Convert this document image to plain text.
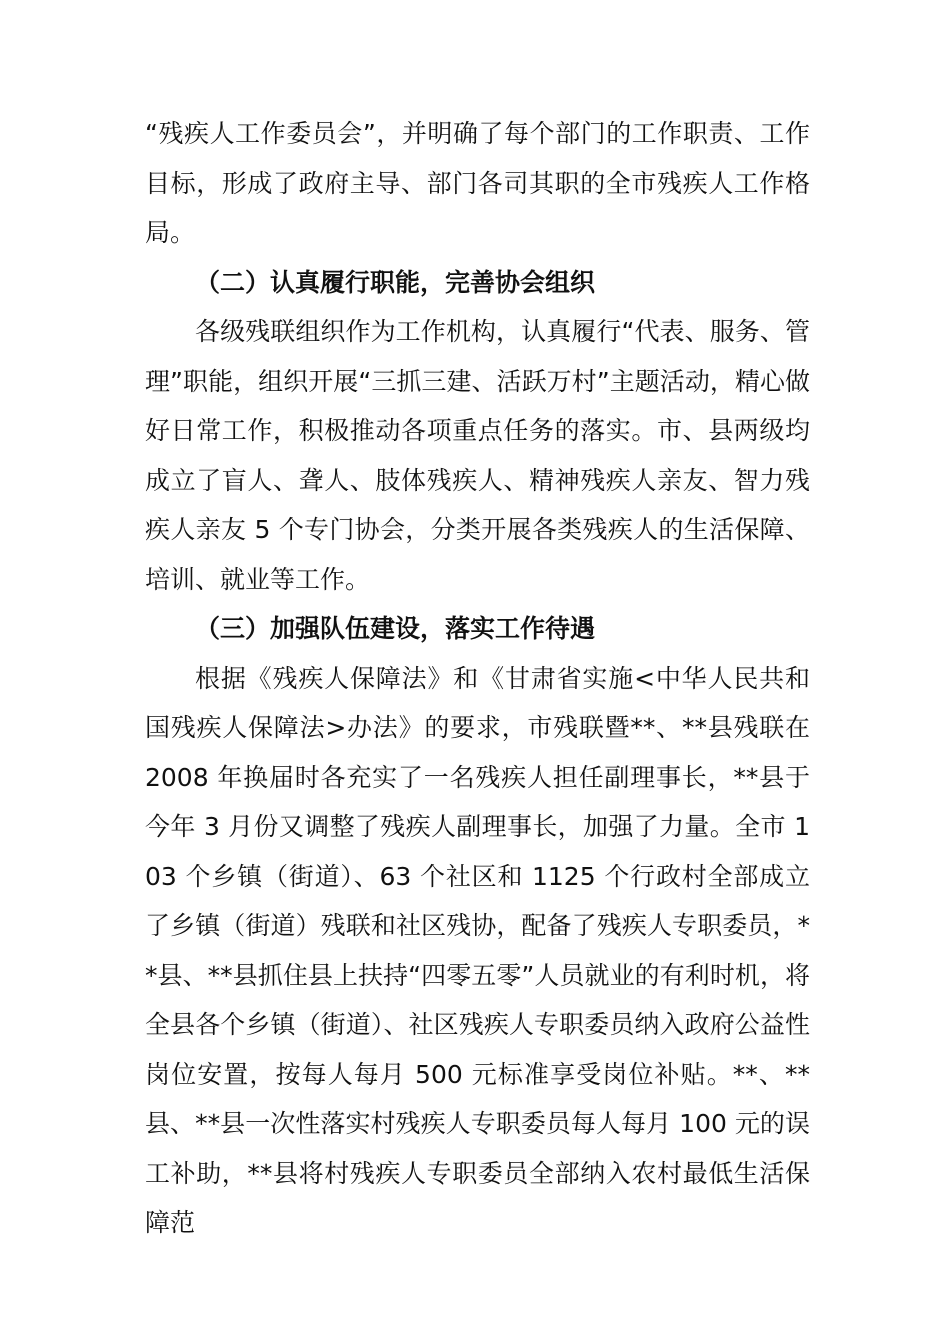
“残疾人工作委员会”，并明确了每个部门的工作职责、工作目标，形成了政府主导、部门各司其职的全市残疾人工作格局。

（二）认真履行职能，完善协会组织

各级残联组织作为工作机构，认真履行“代表、服务、管理”职能，组织开展“三抓三建、活跃万村”主题活动，精心做好日常工作，积极推动各项重点任务的落实。市、县两级均成立了盲人、聋人、肢体残疾人、精神残疾人亲友、智力残疾人亲友 5 个专门协会，分类开展各类残疾人的生活保障、培训、就业等工作。

（三）加强队伍建设，落实工作待遇

根据《残疾人保障法》和《甘肃省实施<中华人民共和国残疾人保障法>办法》的要求，市残联暨**、**县残联在 2008 年换届时各充实了一名残疾人担任副理事长，**县于今年 3 月份又调整了残疾人副理事长，加强了力量。全市 103 个乡镇（街道）、63 个社区和 1125 个行政村全部成立了乡镇（街道）残联和社区残协，配备了残疾人专职委员，**县、**县抓住县上扶持“四零五零”人员就业的有利时机，将全县各个乡镇（街道）、社区残疾人专职委员纳入政府公益性岗位安置，按每人每月 500 元标准享受岗位补贴。**、**县、**县一次性落实村残疾人专职委员每人每月 100 元的误工补助，**县将村残疾人专职委员全部纳入农村最低生活保障范
